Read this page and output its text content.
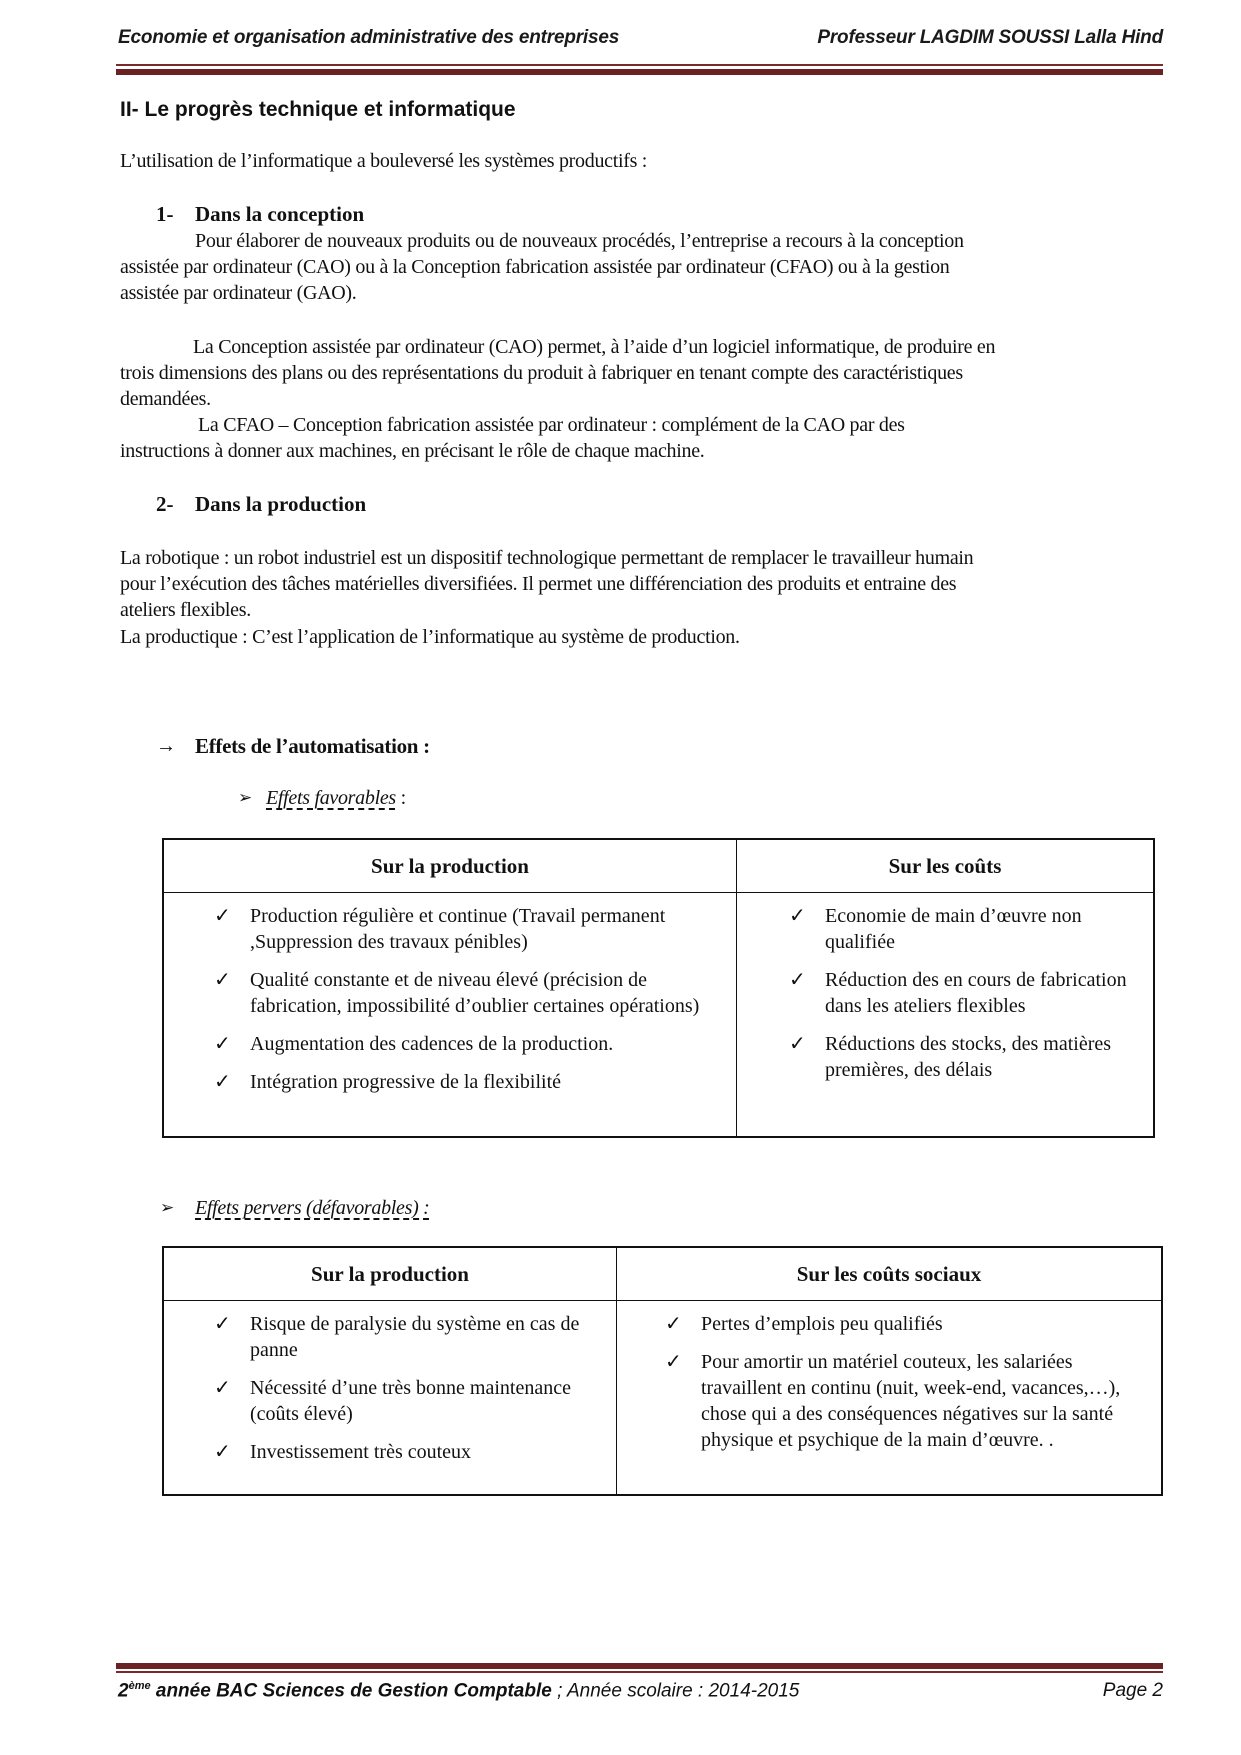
Economie et organisation administrative des entreprises	Professeur LAGDIM SOUSSI Lalla Hind
II- Le progrès technique et informatique
L’utilisation de l’informatique a bouleversé les systèmes productifs :
1- Dans la conception
Pour élaborer de nouveaux produits ou de nouveaux procédés, l’entreprise a recours à la conception
assistée par ordinateur (CAO) ou à la Conception fabrication assistée par ordinateur (CFAO) ou à la gestion
assistée par ordinateur (GAO).
La Conception assistée par ordinateur (CAO) permet, à l’aide d’un logiciel informatique, de produire en
trois dimensions des plans ou des représentations du produit à fabriquer en tenant compte des caractéristiques
demandées.
La CFAO – Conception fabrication assistée par ordinateur : complément de la CAO par des
instructions à donner aux machines, en précisant le rôle de chaque machine.
2- Dans la production
La robotique : un robot industriel est un dispositif technologique permettant de remplacer le travailleur humain
pour l’exécution des tâches matérielles diversifiées. Il permet une différenciation des produits et entraine des
ateliers flexibles.
La productique : C’est l’application de l’informatique au système de production.
→ Effets de l’automatisation :
➢ Effets favorables :
Sur la production	Sur les coûts

✓ Production régulière et continue (Travail permanent ,Suppression des travaux pénibles)
✓ Qualité constante et de niveau élevé (précision de fabrication, impossibilité d’oublier certaines opérations)
✓ Augmentation des cadences de la production.
✓ Intégration progressive de la flexibilité

✓ Economie de main d’œuvre non qualifiée
✓ Réduction des en cours de fabrication dans les ateliers flexibles
✓ Réductions des stocks, des matières premières, des délais
➢ Effets pervers (défavorables) :
Sur la production	Sur les coûts sociaux

✓ Risque de paralysie du système en cas de panne
✓ Nécessité d’une très bonne maintenance (coûts élevé)
✓ Investissement très couteux

✓ Pertes d’emplois peu qualifiés
✓ Pour amortir un matériel couteux, les salariées travaillent en continu (nuit, week-end, vacances,…), chose qui a des conséquences négatives sur la santé physique et psychique de la main d’œuvre. .
2ème année BAC Sciences de Gestion Comptable ; Année scolaire : 2014-2015	Page 2
